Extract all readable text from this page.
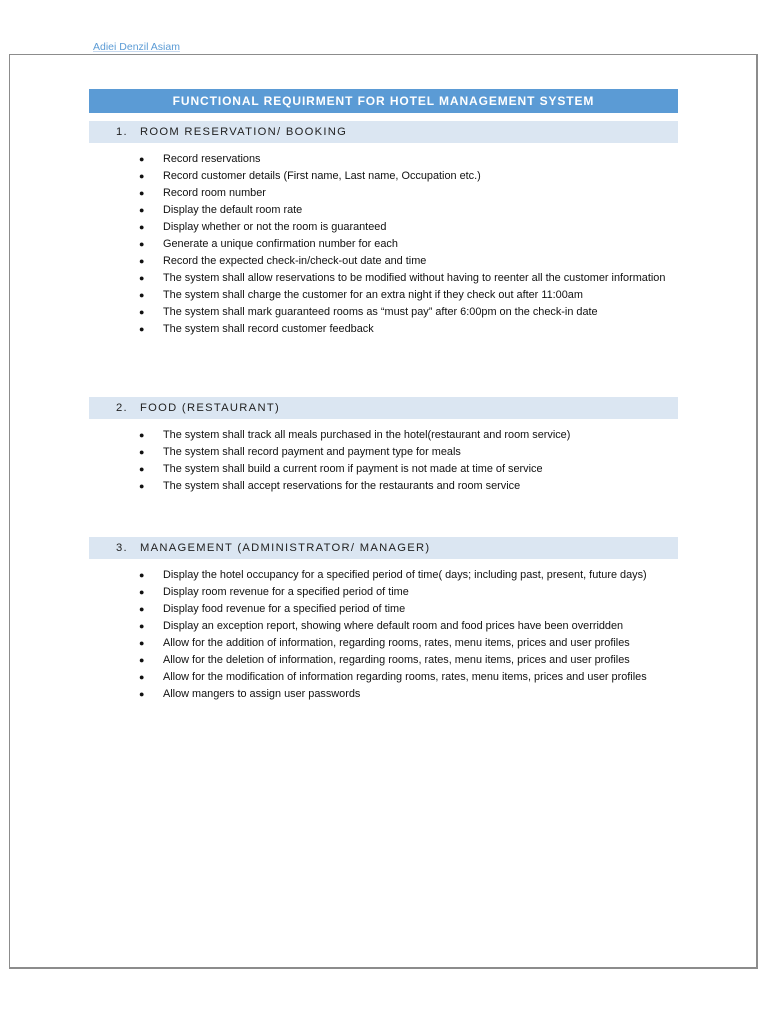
Adiei Denzil Asiam
FUNCTIONAL REQUIRMENT FOR HOTEL MANAGEMENT SYSTEM
1. ROOM RESERVATION/ BOOKING
● Record reservations
● Record customer details (First name, Last name, Occupation etc.)
● Record room number
● Display the default room rate
● Display whether or not the room is guaranteed
● Generate a unique confirmation number for each
● Record the expected check-in/check-out date and time
● The system shall allow reservations to be modified without having to reenter all the customer information
● The system shall charge the customer for an extra night if they check out after 11:00am
● The system shall mark guaranteed rooms as “must pay” after 6:00pm on the check-in date
● The system shall record customer feedback
2. FOOD (RESTAURANT)
● The system shall track all meals purchased in the hotel(restaurant and room service)
● The system shall record payment and payment type for meals
● The system shall build a current room if payment is not made at time of service
● The system shall accept reservations for the restaurants and room service
3. MANAGEMENT (ADMINISTRATOR/ MANAGER)
● Display the hotel occupancy for a specified period of time( days; including past, present, future days)
● Display room revenue for a specified period of time
● Display food revenue for a specified period of time
● Display an exception report, showing where default room and food prices have been overridden
● Allow for the addition of information, regarding rooms, rates, menu items, prices and user profiles
● Allow for the deletion of information, regarding rooms, rates, menu items, prices and user profiles
● Allow for the modification of information regarding rooms, rates, menu items, prices and user profiles
● Allow mangers to assign user passwords
